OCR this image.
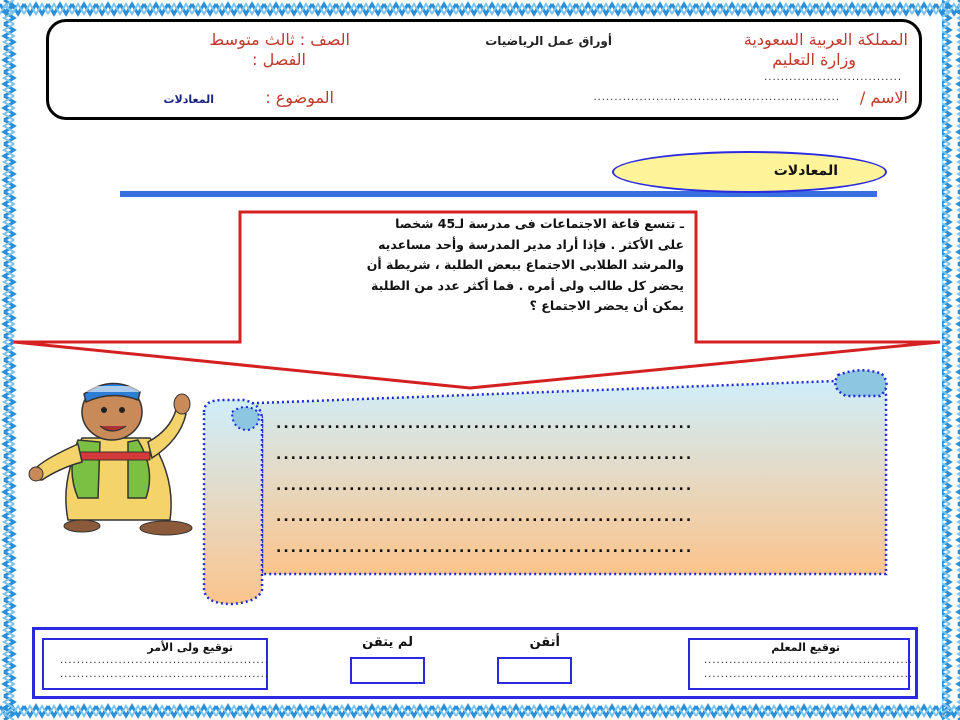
المملكة العربية السعودية
وزارة التعليم
أوراق عمل الرياضيات
الصف : ثالث متوسط
الفصل :
.................................
الاسم /
...........................................................
الموضوع :
المعادلات
المعادلات
ـ تتسع قاعة الاجتماعات فى مدرسة لـ45 شخصا
على الأكثر . فإذا أراد مدير المدرسة وأحد مساعديه
والمرشد الطلابى الاجتماع ببعض الطلبة ، شريطة أن
يحضر كل طالب ولى أمره . فما أكثر عدد من الطلبة
يمكن أن يحضر الاجتماع ؟
.........................................................
.........................................................
.........................................................
.........................................................
.........................................................
توقيع ولى الأمر
..................................................
..................................................
توقيع المعلم
..................................................
..................................................
لم يتقن	أتقن
